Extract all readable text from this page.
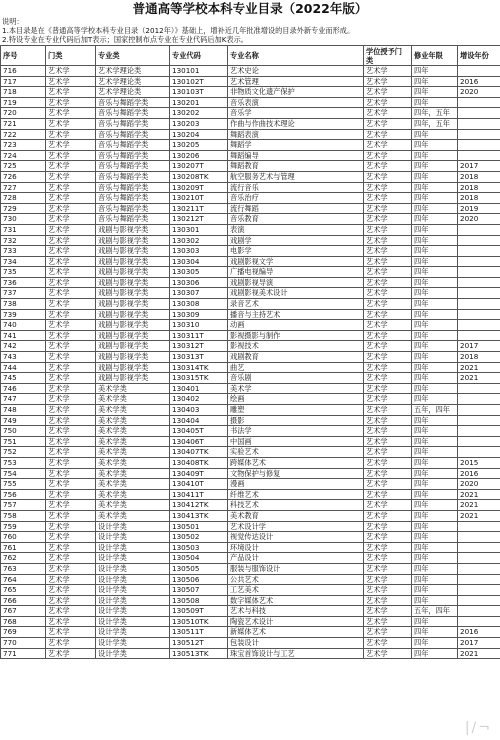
普通高等学校本科专业目录（2022年版）
说明：
1.本目录是在《普通高等学校本科专业目录（2012年）》基础上，增补近几年批准增设的目录外新专业而形成。
2.特设专业在专业代码后加T表示；国家控制布点专业在专业代码后加K表示。
序号	门类	专业类	专业代码	专业名称	学位授予门类	修业年限	增设年份
716	艺术学	艺术学理论类	130101	艺术史论	艺术学	四年	
717	艺术学	艺术学理论类	130102T	艺术管理	艺术学	四年	2016
718	艺术学	艺术学理论类	130103T	非物质文化遗产保护	艺术学	四年	2020
719	艺术学	音乐与舞蹈学类	130201	音乐表演	艺术学	四年	
720	艺术学	音乐与舞蹈学类	130202	音乐学	艺术学	四年，五年	
721	艺术学	音乐与舞蹈学类	130203	作曲与作曲技术理论	艺术学	四年，五年	
722	艺术学	音乐与舞蹈学类	130204	舞蹈表演	艺术学	四年	
723	艺术学	音乐与舞蹈学类	130205	舞蹈学	艺术学	四年	
724	艺术学	音乐与舞蹈学类	130206	舞蹈编导	艺术学	四年	
725	艺术学	音乐与舞蹈学类	130207T	舞蹈教育	艺术学	四年	2017
726	艺术学	音乐与舞蹈学类	130208TK	航空服务艺术与管理	艺术学	四年	2018
727	艺术学	音乐与舞蹈学类	130209T	流行音乐	艺术学	四年	2018
728	艺术学	音乐与舞蹈学类	130210T	音乐治疗	艺术学	四年	2018
729	艺术学	音乐与舞蹈学类	130211T	流行舞蹈	艺术学	四年	2019
730	艺术学	音乐与舞蹈学类	130212T	音乐教育	艺术学	四年	2020
731	艺术学	戏剧与影视学类	130301	表演	艺术学	四年	
732	艺术学	戏剧与影视学类	130302	戏剧学	艺术学	四年	
733	艺术学	戏剧与影视学类	130303	电影学	艺术学	四年	
734	艺术学	戏剧与影视学类	130304	戏剧影视文学	艺术学	四年	
735	艺术学	戏剧与影视学类	130305	广播电视编导	艺术学	四年	
736	艺术学	戏剧与影视学类	130306	戏剧影视导演	艺术学	四年	
737	艺术学	戏剧与影视学类	130307	戏剧影视美术设计	艺术学	四年	
738	艺术学	戏剧与影视学类	130308	录音艺术	艺术学	四年	
739	艺术学	戏剧与影视学类	130309	播音与主持艺术	艺术学	四年	
740	艺术学	戏剧与影视学类	130310	动画	艺术学	四年	
741	艺术学	戏剧与影视学类	130311T	影视摄影与制作	艺术学	四年	
742	艺术学	戏剧与影视学类	130312T	影视技术	艺术学	四年	2017
743	艺术学	戏剧与影视学类	130313T	戏剧教育	艺术学	四年	2018
744	艺术学	戏剧与影视学类	130314TK	曲艺	艺术学	四年	2021
745	艺术学	戏剧与影视学类	130315TK	音乐剧	艺术学	四年	2021
746	艺术学	美术学类	130401	美术学	艺术学	四年	
747	艺术学	美术学类	130402	绘画	艺术学	四年	
748	艺术学	美术学类	130403	雕塑	艺术学	五年，四年	
749	艺术学	美术学类	130404	摄影	艺术学	四年	
750	艺术学	美术学类	130405T	书法学	艺术学	四年	
751	艺术学	美术学类	130406T	中国画	艺术学	四年	
752	艺术学	美术学类	130407TK	实验艺术	艺术学	四年	
753	艺术学	美术学类	130408TK	跨媒体艺术	艺术学	四年	2015
754	艺术学	美术学类	130409T	文物保护与修复	艺术学	四年	2016
755	艺术学	美术学类	130410T	漫画	艺术学	四年	2020
756	艺术学	美术学类	130411T	纤维艺术	艺术学	四年	2021
757	艺术学	美术学类	130412TK	科技艺术	艺术学	四年	2021
758	艺术学	美术学类	130413TK	美术教育	艺术学	四年	2021
759	艺术学	设计学类	130501	艺术设计学	艺术学	四年	
760	艺术学	设计学类	130502	视觉传达设计	艺术学	四年	
761	艺术学	设计学类	130503	环境设计	艺术学	四年	
762	艺术学	设计学类	130504	产品设计	艺术学	四年	
763	艺术学	设计学类	130505	服装与服饰设计	艺术学	四年	
764	艺术学	设计学类	130506	公共艺术	艺术学	四年	
765	艺术学	设计学类	130507	工艺美术	艺术学	四年	
766	艺术学	设计学类	130508	数字媒体艺术	艺术学	四年	
767	艺术学	设计学类	130509T	艺术与科技	艺术学	五年，四年	
768	艺术学	设计学类	130510TK	陶瓷艺术设计	艺术学	四年	
769	艺术学	设计学类	130511T	新媒体艺术	艺术学	四年	2016
770	艺术学	设计学类	130512T	包装设计	艺术学	四年	2017
771	艺术学	设计学类	130513TK	珠宝首饰设计与工艺	艺术学	四年	2021
|/¬
